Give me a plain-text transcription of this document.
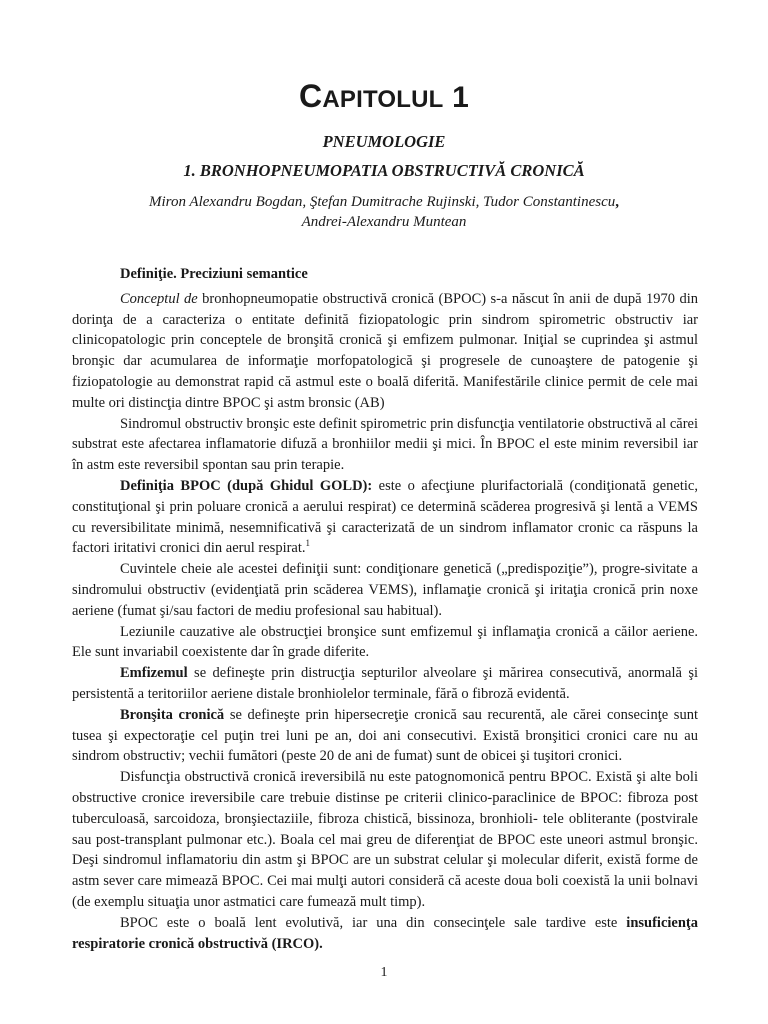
CAPITOLUL 1
PNEUMOLOGIE
1. BRONHOPNEUMOPATIA OBSTRUCTIVĂ CRONICĂ
Miron Alexandru Bogdan, Ştefan Dumitrache Rujinski, Tudor Constantinescu,
Andrei-Alexandru Muntean
Definiţie. Preciziuni semantice

Conceptul de bronhopneumopatie obstructivă cronică (BPOC) s-a născut în anii de după 1970 din dorinţa de a caracteriza o entitate definită fiziopatologic prin sindrom spirometric obstructiv iar clinicopatologic prin conceptele de bronşită cronică şi emfizem pulmonar. Iniţial se cuprindea şi astmul bronşic dar acumularea de informaţie morfopatologică şi progresele de cunoaştere de patogenie şi fiziopatologie au demonstrat rapid că astmul este o boală diferită. Manifestările clinice permit de cele mai multe ori distincţia dintre BPOC şi astm bronsic (AB)

Sindromul obstructiv bronşic este definit spirometric prin disfuncţia ventilatorie obstructivă al cărei substrat este afectarea inflamatorie difuză a bronhiilor medii şi mici. În BPOC el este minim reversibil iar în astm este reversibil spontan sau prin terapie.

Definiţia BPOC (după Ghidul GOLD): este o afecţiune plurifactorială (condiţionată genetic, constituţional şi prin poluare cronică a aerului respirat) ce determină scăderea progresivă şi lentă a VEMS cu reversibilitate minimă, nesemnificativă şi caracterizată de un sindrom inflamator cronic ca răspuns la factori iritativi cronici din aerul respirat.$^1$

Cuvintele cheie ale acestei definiţii sunt: condiţionare genetică („predispoziţie”), progre-sivitate a sindromului obstructiv (evidenţiată prin scăderea VEMS), inflamaţie cronică şi iritaţia cronică prin noxe aeriene (fumat şi/sau factori de mediu profesional sau habitual).

Leziunile cauzative ale obstrucţiei bronşice sunt emfizemul şi inflamaţia cronică a căilor aeriene. Ele sunt invariabil coexistente dar în grade diferite.

Emfizemul se defineşte prin distrucţia septurilor alveolare şi mărirea consecutivă, anormală şi persistentă a teritoriilor aeriene distale bronhiolelor terminale, fără o fibroză evidentă.

Bronşita cronică se defineşte prin hipersecreţie cronică sau recurentă, ale cărei consecinţe sunt tusea şi expectoraţie cel puţin trei luni pe an, doi ani consecutivi. Există bronşitici cronici care nu au sindrom obstructiv; vechii fumători (peste 20 de ani de fumat) sunt de obicei şi tuşitori cronici.

Disfuncţia obstructivă cronică ireversibilă nu este patognomonică pentru BPOC. Există şi alte boli obstructive cronice ireversibile care trebuie distinse pe criterii clinico-paraclinice de BPOC: fibroza post tuberculoasă, sarcoidoza, bronşiectaziile, fibroza chistică, bissinoza, bronhioli- tele obliterante (postvirale sau post-transplant pulmonar etc.). Boala cel mai greu de diferenţiat de BPOC este uneori astmul bronşic. Deşi sindromul inflamatoriu din astm şi BPOC are un substrat celular şi molecular diferit, există forme de astm sever care mimează BPOC. Cei mai mulţi autori consideră că aceste doua boli coexistă la unii bolnavi (de exemplu situaţia unor astmatici care fumează mult timp).

BPOC este o boală lent evolutivă, iar una din consecinţele sale tardive este insuficienţa respiratorie cronică obstructivă (IRCO).

1
